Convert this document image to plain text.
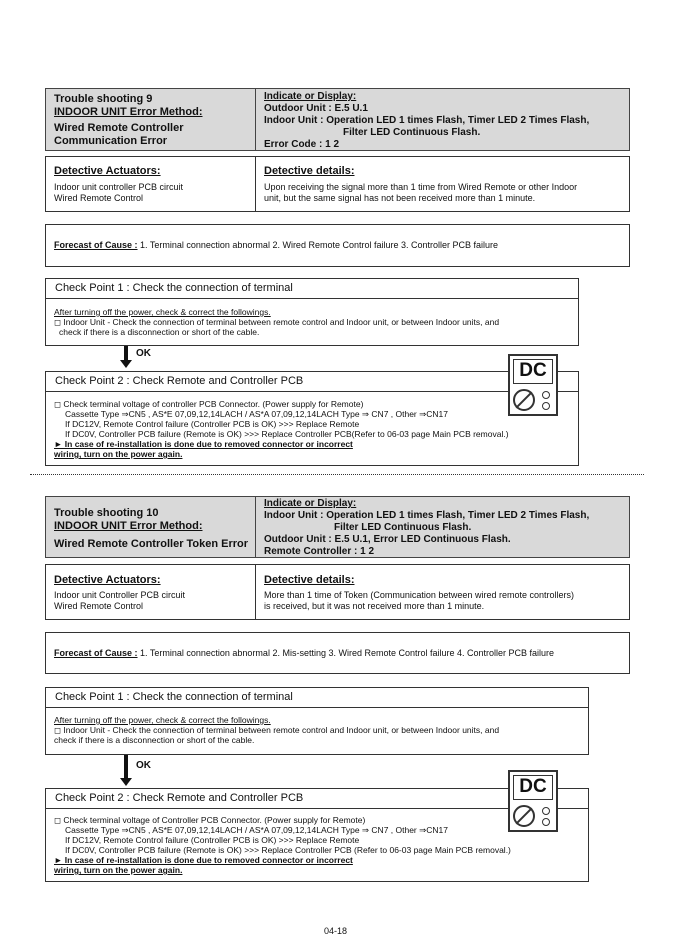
Trouble shooting 9
INDOOR UNIT Error Method:
Wired Remote Controller
Communication Error
Indicate or Display:
Outdoor Unit : E.5 U.1
Indoor Unit : Operation LED 1 times Flash, Timer LED 2 Times Flash,
Filter LED Continuous Flash.
Error Code : 1 2
Detective Actuators:
Indoor unit controller PCB circuit
Wired Remote Control
Detective details:
Upon receiving the signal more than 1 time from Wired Remote or other Indoor
unit, but the same signal has not been received more than 1 minute.
Forecast of Cause : 1. Terminal connection abnormal 2. Wired Remote Control failure 3. Controller PCB failure
Check Point 1 : Check the connection of terminal
After turning off the power, check & correct the followings.
◻ Indoor Unit - Check the connection of terminal between remote control and Indoor unit, or between Indoor units, and
check if there is a disconnection or short of the cable.
OK
Check Point 2 : Check Remote and Controller PCB
◻ Check terminal voltage of controller PCB Connector. (Power supply for Remote)
Cassette Type ⇒CN5 , AS*E 07,09,12,14LACH / AS*A 07,09,12,14LACH Type ⇒ CN7 , Other ⇒CN17
If DC12V, Remote Control failure (Controller PCB is OK) >>> Replace Remote
If DC0V, Controller PCB failure (Remote is OK) >>> Replace Controller PCB(Refer to 06-03 page Main PCB removal.)
► In case of re-installation is done due to removed connector or incorrect
wiring, turn on the power again.
DC
Trouble shooting 10
INDOOR UNIT Error Method:
Wired Remote Controller Token Error
Indicate or Display:
Indoor Unit : Operation LED 1 times Flash, Timer LED 2 Times Flash,
Filter LED Continuous Flash.
Outdoor Unit : E.5 U.1, Error LED Continuous Flash.
Remote Controller : 1 2
Detective Actuators:
Indoor unit Controller PCB circuit
Wired Remote Control
Detective details:
More than 1 time of Token (Communication between wired remote controllers)
is received, but it was not received more than 1 minute.
Forecast of Cause : 1. Terminal connection abnormal 2. Mis-setting 3. Wired Remote Control failure 4. Controller PCB failure
Check Point 1 : Check the connection of terminal
After turning off the power, check & correct the followings.
◻ Indoor Unit - Check the connection of terminal between remote control and Indoor unit, or between Indoor units, and
check if there is a disconnection or short of the cable.
OK
Check Point 2 : Check Remote and Controller PCB
◻ Check terminal voltage of Controller PCB Connector. (Power supply for Remote)
Cassette Type ⇒CN5 , AS*E 07,09,12,14LACH / AS*A 07,09,12,14LACH Type ⇒ CN7 , Other ⇒CN17
If DC12V, Remote Control failure (Controller PCB is OK) >>> Replace Remote
If DC0V, Controller PCB failure (Remote is OK) >>> Replace Controller PCB (Refer to 06-03 page Main PCB removal.)
► In case of re-installation is done due to removed connector or incorrect
wiring, turn on the power again.
DC
04-18
